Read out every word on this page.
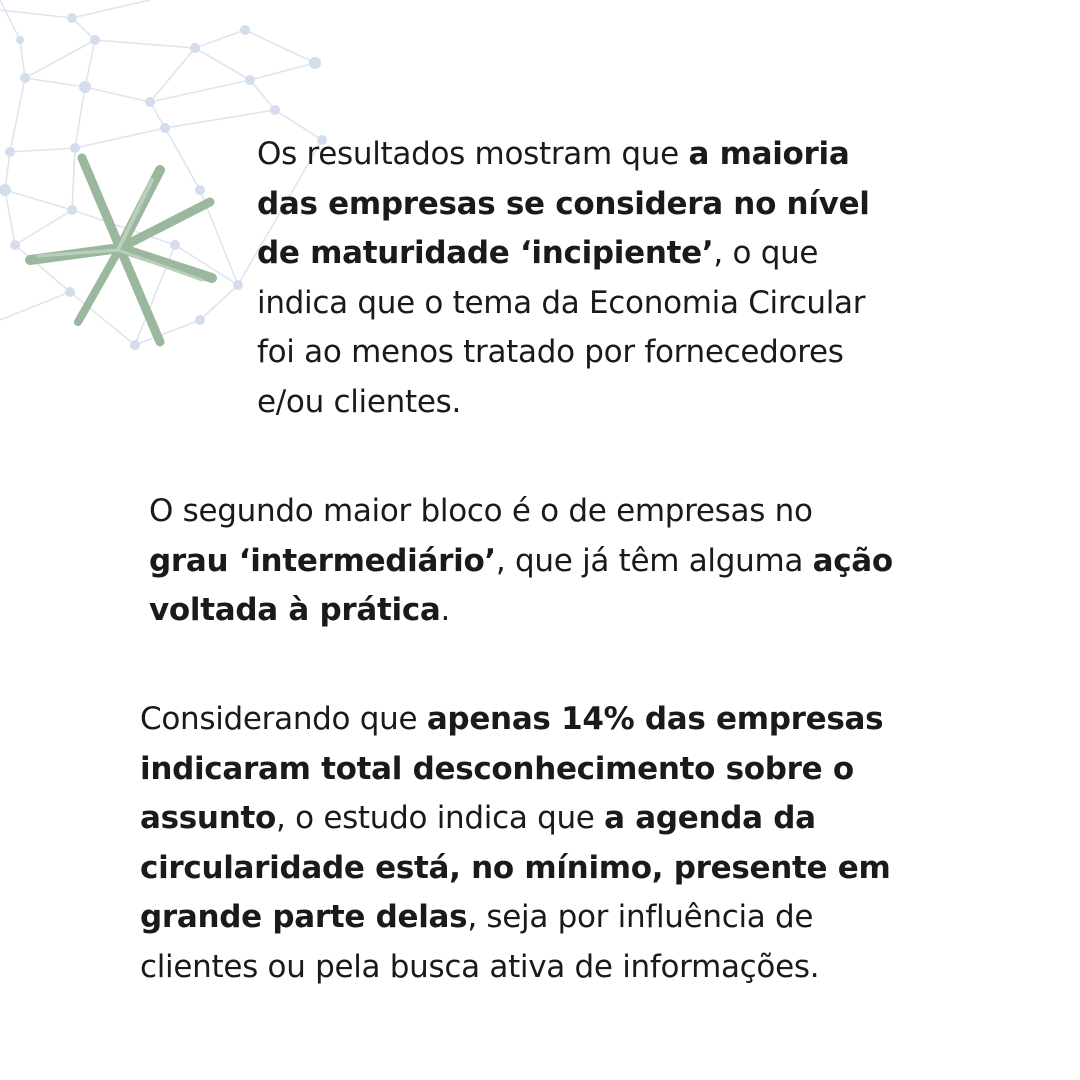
Os resultados mostram que a maioria
das empresas se considera no nível
de maturidade ‘incipiente’, o que
indica que o tema da Economia Circular
foi ao menos tratado por fornecedores
e/ou clientes.

O segundo maior bloco é o de empresas no
grau ‘intermediário’, que já têm alguma ação
voltada à prática.

Considerando que apenas 14% das empresas
indicaram total desconhecimento sobre o
assunto, o estudo indica que a agenda da
circularidade está, no mínimo, presente em
grande parte delas, seja por influência de
clientes ou pela busca ativa de informações.
